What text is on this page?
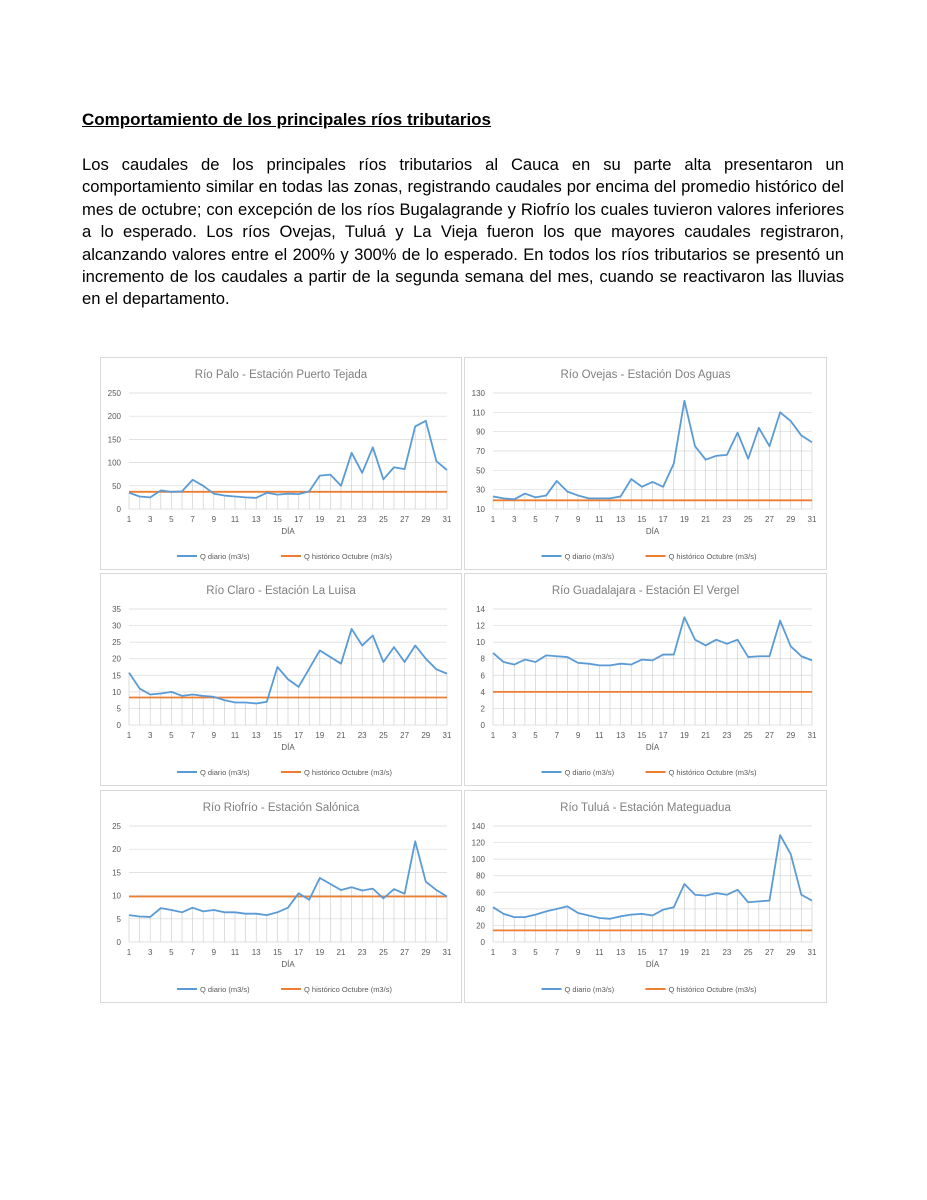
Comportamiento de los principales ríos tributarios

Los caudales de los principales ríos tributarios al Cauca en su parte alta presentaron un comportamiento similar en todas las zonas, registrando caudales por encima del promedio histórico del mes de octubre; con excepción de los ríos Bugalagrande y Riofrío los cuales tuvieron valores inferiores a lo esperado. Los ríos Ovejas, Tuluá y La Vieja fueron los que mayores caudales registraron, alcanzando valores entre el 200% y 300% de lo esperado. En todos los ríos tributarios se presentó un incremento de los caudales a partir de la segunda semana del mes, cuando se reactivaron las lluvias en el departamento.

Río Palo - Estación Puerto Tejada
0
50
100
150
200
250
1 3 5 7 9 11 13 15 17 19 21 23 25 27 29 31
DÍA
Q diario (m3/s)	Q histórico Octubre (m3/s)
Río Ovejas - Estación Dos Aguas
10
30
50
70
90
110
130
1 3 5 7 9 11 13 15 17 19 21 23 25 27 29 31
DÍA
Q diario (m3/s)	Q histórico Octubre (m3/s)
Río Claro - Estación La Luisa
0
5
10
15
20
25
30
35
1 3 5 7 9 11 13 15 17 19 21 23 25 27 29 31
DÍA
Q diario (m3/s)	Q histórico Octubre (m3/s)
Río Guadalajara - Estación El Vergel
0
2
4
6
8
10
12
14
1 3 5 7 9 11 13 15 17 19 21 23 25 27 29 31
DÍA
Q diario (m3/s)	Q histórico Octubre (m3/s)
Río Riofrío - Estación Salónica
0
5
10
15
20
25
1 3 5 7 9 11 13 15 17 19 21 23 25 27 29 31
DÍA
Q diario (m3/s)	Q histórico Octubre (m3/s)
Río Tuluá - Estación Mateguadua
0
20
40
60
80
100
120
140
1 3 5 7 9 11 13 15 17 19 21 23 25 27 29 31
DÍA
Q diario (m3/s)	Q histórico Octubre (m3/s)
